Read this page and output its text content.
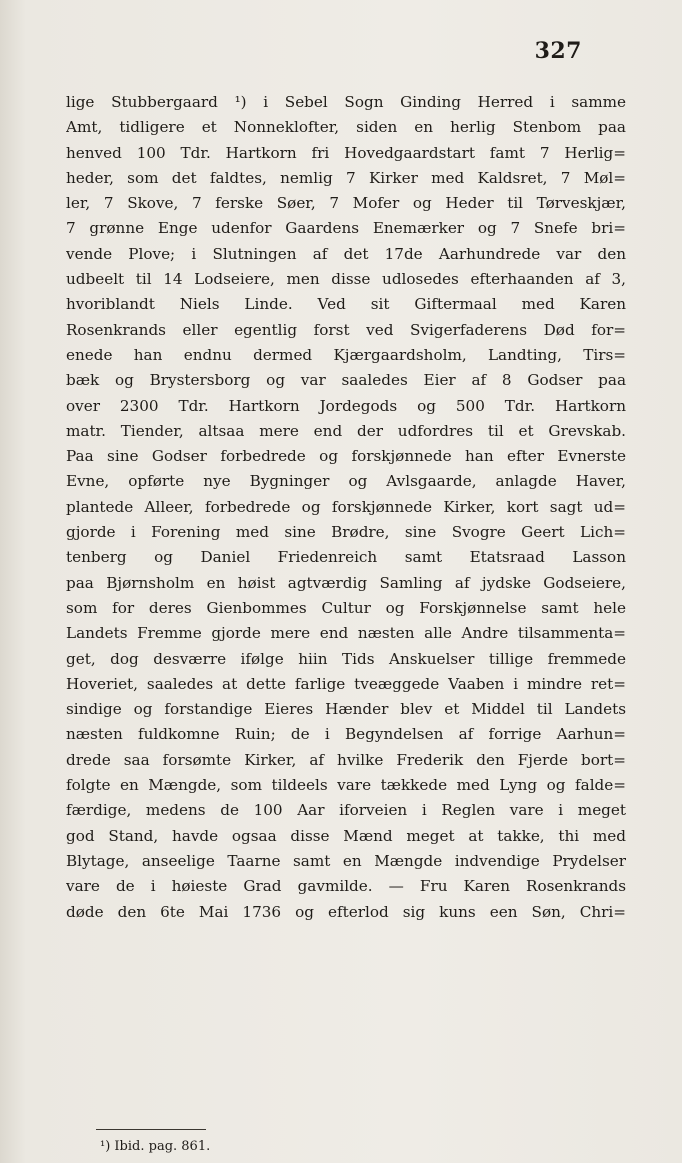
327
lige Stubbergaard ¹) i Sebel Sogn Ginding Herred i samme
Amt, tidligere et Nonneklofter, siden en herlig Stenbom paa
henved 100 Tdr. Hartkorn fri Hovedgaardstart famt 7 Herlig=
heder, som det faldtes, nemlig 7 Kirker med Kaldsret, 7 Møl=
ler, 7 Skove, 7 ferske Søer, 7 Mofer og Heder til Tørveskjær,
7 grønne Enge udenfor Gaardens Enemærker og 7 Snefe bri=
vende Plove; i Slutningen af det 17de Aarhundrede var den
udbeelt til 14 Lodseiere, men disse udlosedes efterhaanden af 3,
hvoriblandt Niels Linde. Ved sit Giftermaal med Karen
Rosenkrands eller egentlig forst ved Svigerfaderens Død for=
enede han endnu dermed Kjærgaardsholm, Landting, Tirs=
bæk og Brystersborg og var saaledes Eier af 8 Godser paa
over 2300 Tdr. Hartkorn Jordegods og 500 Tdr. Hartkorn
matr. Tiender, altsaa mere end der udfordres til et Grevskab.
Paa sine Godser forbedrede og forskjønnede han efter Evnerste
Evne, opførte nye Bygninger og Avlsgaarde, anlagde Haver,
plantede Alleer, forbedrede og forskjønnede Kirker, kort sagt ud=
gjorde i Forening med sine Brødre, sine Svogre Geert Lich=
tenberg og Daniel Friedenreich samt Etatsraad Lasson
paa Bjørnsholm en høist agtværdig Samling af jydske Godseiere,
som for deres Gienbommes Cultur og Forskjønnelse samt hele
Landets Fremme gjorde mere end næsten alle Andre tilsammenta=
get, dog desværre ifølge hiin Tids Anskuelser tillige fremmede
Hoveriet, saaledes at dette farlige tveæggede Vaaben i mindre ret=
sindige og forstandige Eieres Hænder blev et Middel til Landets
næsten fuldkomne Ruin; de i Begyndelsen af forrige Aarhun=
drede saa forsømte Kirker, af hvilke Frederik den Fjerde bort=
folgte en Mængde, som tildeels vare tækkede med Lyng og falde=
færdige, medens de 100 Aar iforveien i Reglen vare i meget
god Stand, havde ogsaa disse Mænd meget at takke, thi med
Blytage, anseelige Taarne samt en Mængde indvendige Prydelser
vare de i høieste Grad gavmilde. — Fru Karen Rosenkrands
døde den 6te Mai 1736 og efterlod sig kuns een Søn, Chri=
¹) Ibid. pag. 861.
